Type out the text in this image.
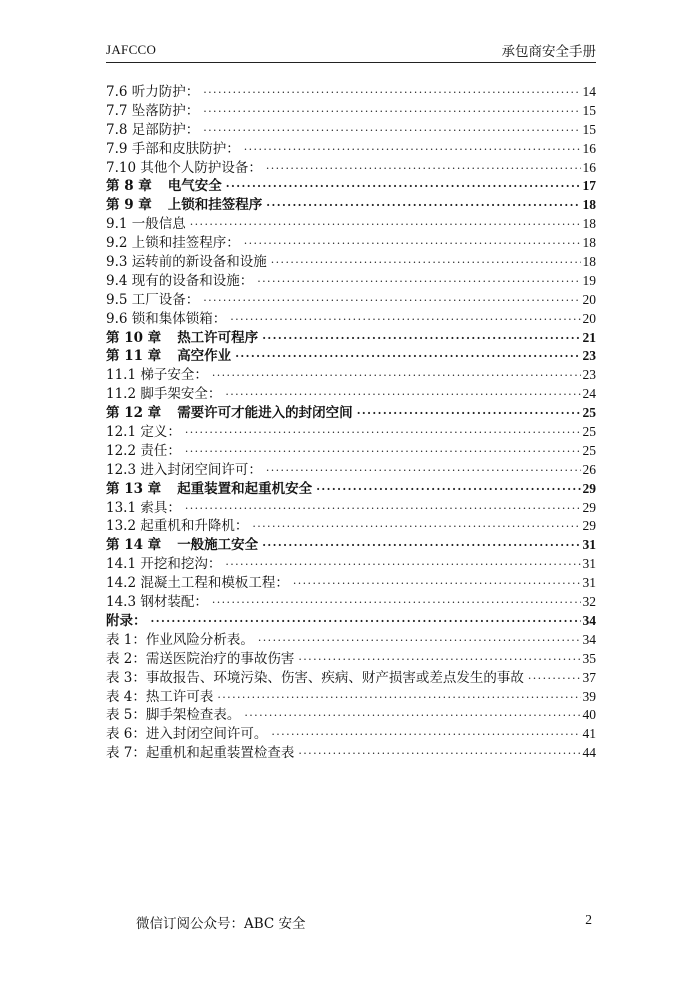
JAFCCO	承包商安全手册
7.6 听力防护： ·····	14
7.7 坠落防护： ·····	15
7.8 足部防护： ·····	15
7.9 手部和皮肤防护： ·····	16
7.10 其他个人防护设备： ·····	16
第 8 章 电气安全 ·····	17
第 9 章 上锁和挂签程序 ·····	18
9.1 一般信息 ·····	18
9.2 上锁和挂签程序： ·····	18
9.3 运转前的新设备和设施 ·····	18
9.4 现有的设备和设施： ·····	19
9.5 工厂设备： ·····	20
9.6 锁和集体锁箱： ·····	20
第 10 章 热工许可程序 ·····	21
第 11 章 高空作业 ·····	23
11.1 梯子安全： ·····	23
11.2 脚手架安全： ·····	24
第 12 章 需要许可才能进入的封闭空间 ·····	25
12.1 定义： ·····	25
12.2 责任： ·····	25
12.3 进入封闭空间许可： ·····	26
第 13 章 起重装置和起重机安全 ·····	29
13.1 索具： ·····	29
13.2 起重机和升降机： ·····	29
第 14 章 一般施工安全 ·····	31
14.1 开挖和挖沟： ·····	31
14.2 混凝土工程和模板工程： ·····	31
14.3 钢材装配： ·····	32
附录： ·····	34
表 1：作业风险分析表。 ·····	34
表 2：需送医院治疗的事故伤害 ·····	35
表 3：事故报告、环境污染、伤害、疾病、财产损害或差点发生的事故 ·····	37
表 4：热工许可表 ·····	39
表 5：脚手架检查表。 ·····	40
表 6：进入封闭空间许可。 ·····	41
表 7：起重机和起重装置检查表 ·····	44
微信订阅公众号：ABC 安全	2
